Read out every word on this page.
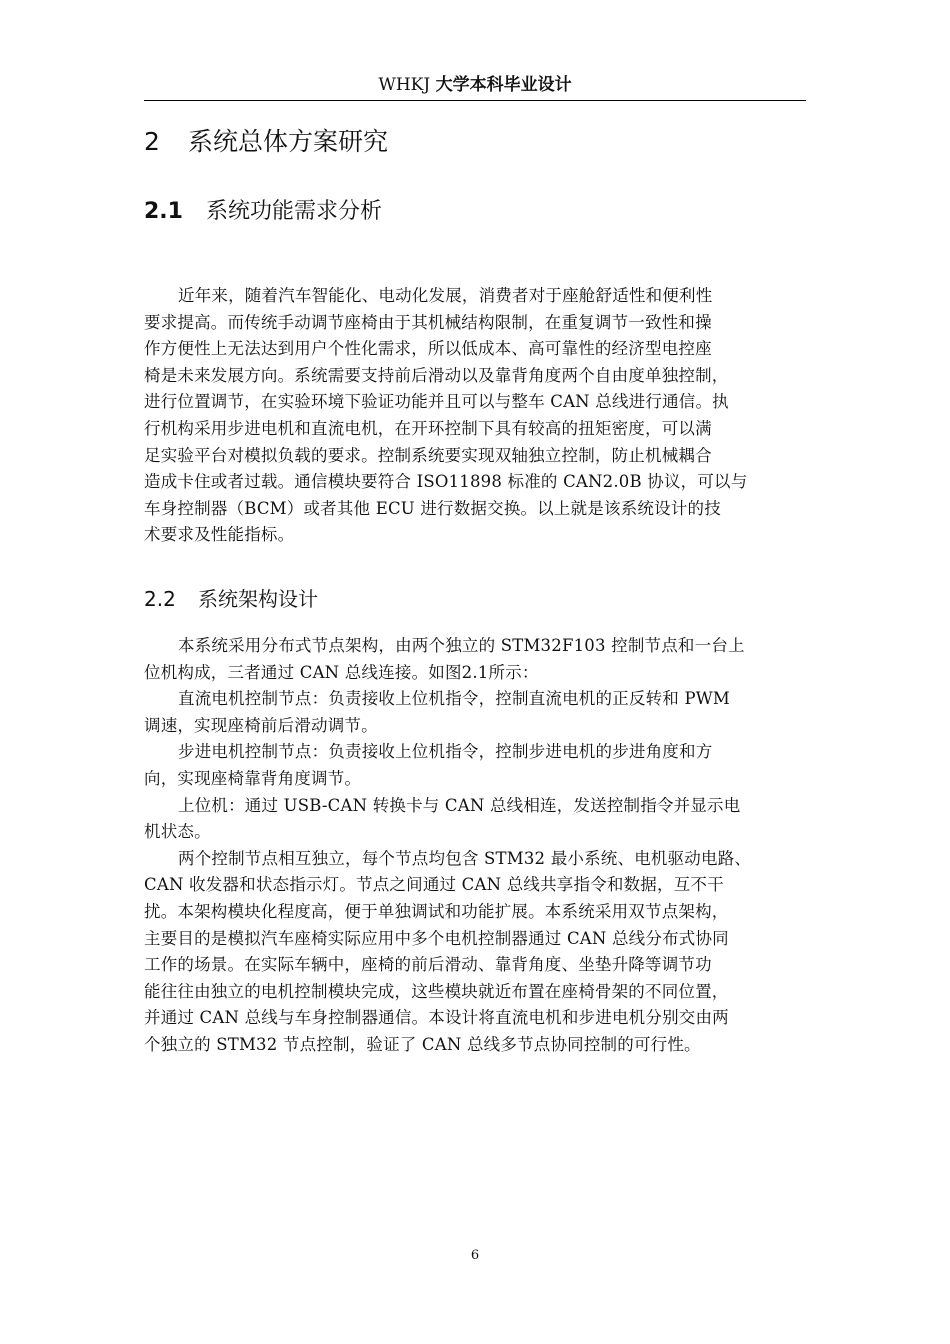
WHKJ 大学本科毕业设计
2 系统总体方案研究
2.1 系统功能需求分析
近年来，随着汽车智能化、电动化发展，消费者对于座舱舒适性和便利性
要求提高。而传统手动调节座椅由于其机械结构限制，在重复调节一致性和操
作方便性上无法达到用户个性化需求，所以低成本、高可靠性的经济型电控座
椅是未来发展方向。系统需要支持前后滑动以及靠背角度两个自由度单独控制，
进行位置调节，在实验环境下验证功能并且可以与整车 CAN 总线进行通信。执
行机构采用步进电机和直流电机，在开环控制下具有较高的扭矩密度，可以满
足实验平台对模拟负载的要求。控制系统要实现双轴独立控制，防止机械耦合
造成卡住或者过载。通信模块要符合 ISO11898 标准的 CAN2.0B 协议，可以与
车身控制器（BCM）或者其他 ECU 进行数据交换。以上就是该系统设计的技
术要求及性能指标。
2.2 系统架构设计
本系统采用分布式节点架构，由两个独立的 STM32F103 控制节点和一台上
位机构成，三者通过 CAN 总线连接。如图2.1所示：
直流电机控制节点：负责接收上位机指令，控制直流电机的正反转和 PWM
调速，实现座椅前后滑动调节。
步进电机控制节点：负责接收上位机指令，控制步进电机的步进角度和方
向，实现座椅靠背角度调节。
上位机：通过 USB-CAN 转换卡与 CAN 总线相连，发送控制指令并显示电
机状态。
两个控制节点相互独立，每个节点均包含 STM32 最小系统、电机驱动电路、
CAN 收发器和状态指示灯。节点之间通过 CAN 总线共享指令和数据，互不干
扰。本架构模块化程度高，便于单独调试和功能扩展。本系统采用双节点架构，
主要目的是模拟汽车座椅实际应用中多个电机控制器通过 CAN 总线分布式协同
工作的场景。在实际车辆中，座椅的前后滑动、靠背角度、坐垫升降等调节功
能往往由独立的电机控制模块完成，这些模块就近布置在座椅骨架的不同位置，
并通过 CAN 总线与车身控制器通信。本设计将直流电机和步进电机分别交由两
个独立的 STM32 节点控制，验证了 CAN 总线多节点协同控制的可行性。
6
